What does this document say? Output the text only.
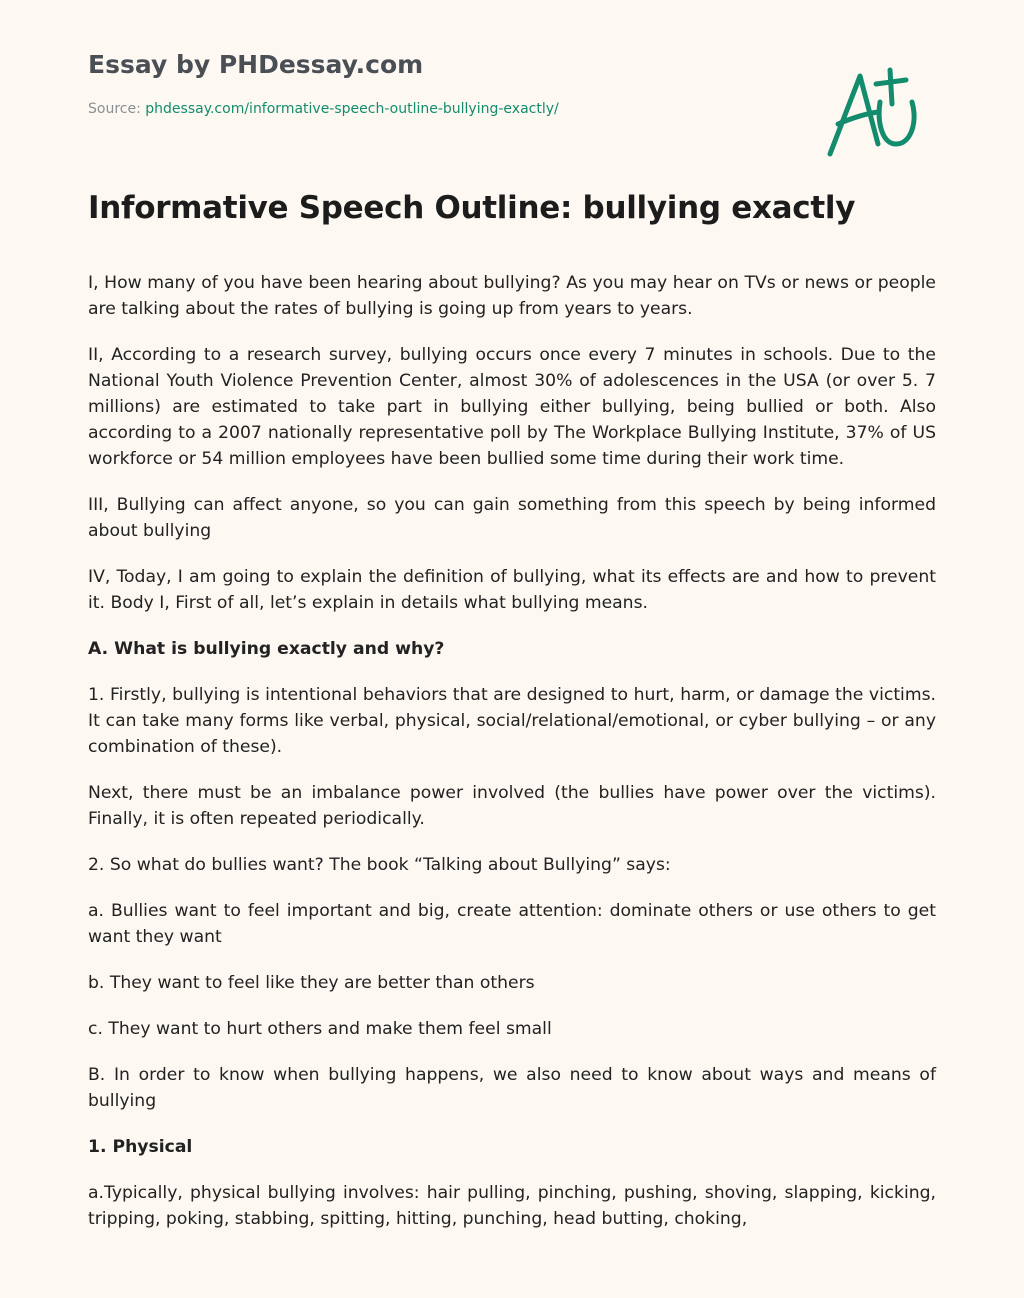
Essay by PHDessay.com
Source: phdessay.com/informative-speech-outline-bullying-exactly/
Informative Speech Outline: bullying exactly

I, How many of you have been hearing about bullying? As you may hear on TVs or news or people are talking about the rates of bullying is going up from years to years.

II, According to a research survey, bullying occurs once every 7 minutes in schools. Due to the National Youth Violence Prevention Center, almost 30% of adolescences in the USA (or over 5. 7 millions) are estimated to take part in bullying either bullying, being bullied or both. Also according to a 2007 nationally representative poll by The Workplace Bullying Institute, 37% of US workforce or 54 million employees have been bullied some time during their work time.

III, Bullying can affect anyone, so you can gain something from this speech by being informed about bullying

IV, Today, I am going to explain the definition of bullying, what its effects are and how to prevent it. Body I, First of all, let’s explain in details what bullying means.

A. What is bullying exactly and why?

1. Firstly, bullying is intentional behaviors that are designed to hurt, harm, or damage the victims. It can take many forms like verbal, physical, social/relational/emotional, or cyber bullying – or any combination of these).

Next, there must be an imbalance power involved (the bullies have power over the victims). Finally, it is often repeated periodically.

2. So what do bullies want? The book “Talking about Bullying” says:

a. Bullies want to feel important and big, create attention: dominate others or use others to get want they want

b. They want to feel like they are better than others

c. They want to hurt others and make them feel small

B. In order to know when bullying happens, we also need to know about ways and means of bullying

1. Physical

a.Typically, physical bullying involves: hair pulling, pinching, pushing, shoving, slapping, kicking, tripping, poking, stabbing, spitting, hitting, punching, head butting, choking,
